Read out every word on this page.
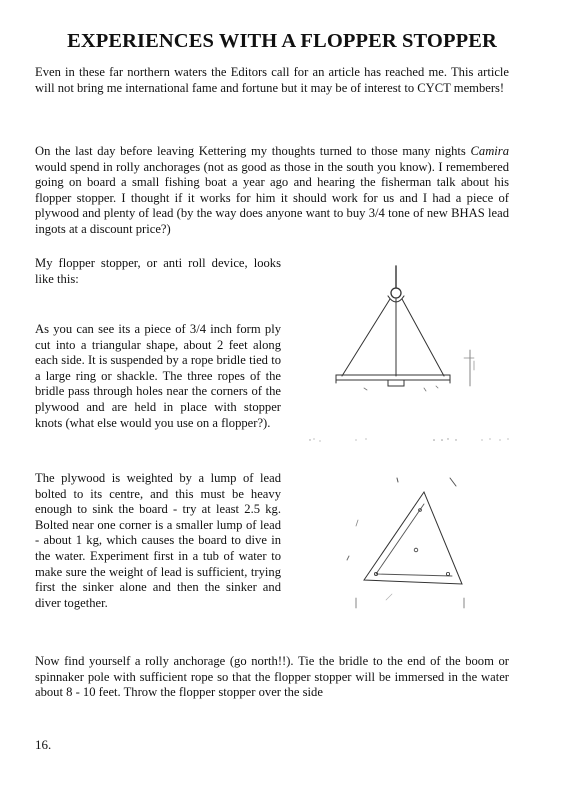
EXPERIENCES WITH A FLOPPER STOPPER

Even in these far northern waters the Editors call for an article has reached me. This article will not bring me international fame and fortune but it may be of interest to CYCT members!

On the last day before leaving Kettering my thoughts turned to those many nights Camira would spend in rolly anchorages (not as good as those in the south you know). I remembered going on board a small fishing boat a year ago and hearing the fisherman talk about his flopper stopper. I thought if it works for him it should work for us and I had a piece of plywood and plenty of lead (by the way does anyone want to buy 3/4 tone of new BHAS lead ingots at a discount price?)

My flopper stopper, or anti roll device, looks like this:

As you can see its a piece of 3/4 inch form ply cut into a triangular shape, about 2 feet along each side. It is suspended by a rope bridle tied to a large ring or shackle. The three ropes of the bridle pass through holes near the corners of the plywood and are held in place with stopper knots (what else would you use on a flopper?).

The plywood is weighted by a lump of lead bolted to its centre, and this must be heavy enough to sink the board - try at least 2.5 kg. Bolted near one corner is a smaller lump of lead - about 1 kg, which causes the board to dive in the water. Experiment first in a tub of water to make sure the weight of lead is sufficient, trying first the sinker alone and then the sinker and diver together.

Now find yourself a rolly anchorage (go north!!). Tie the bridle to the end of the boom or spinnaker pole with sufficient rope so that the flopper stopper will be immersed in the water about 8 - 10 feet. Throw the flopper stopper over the side

16.
